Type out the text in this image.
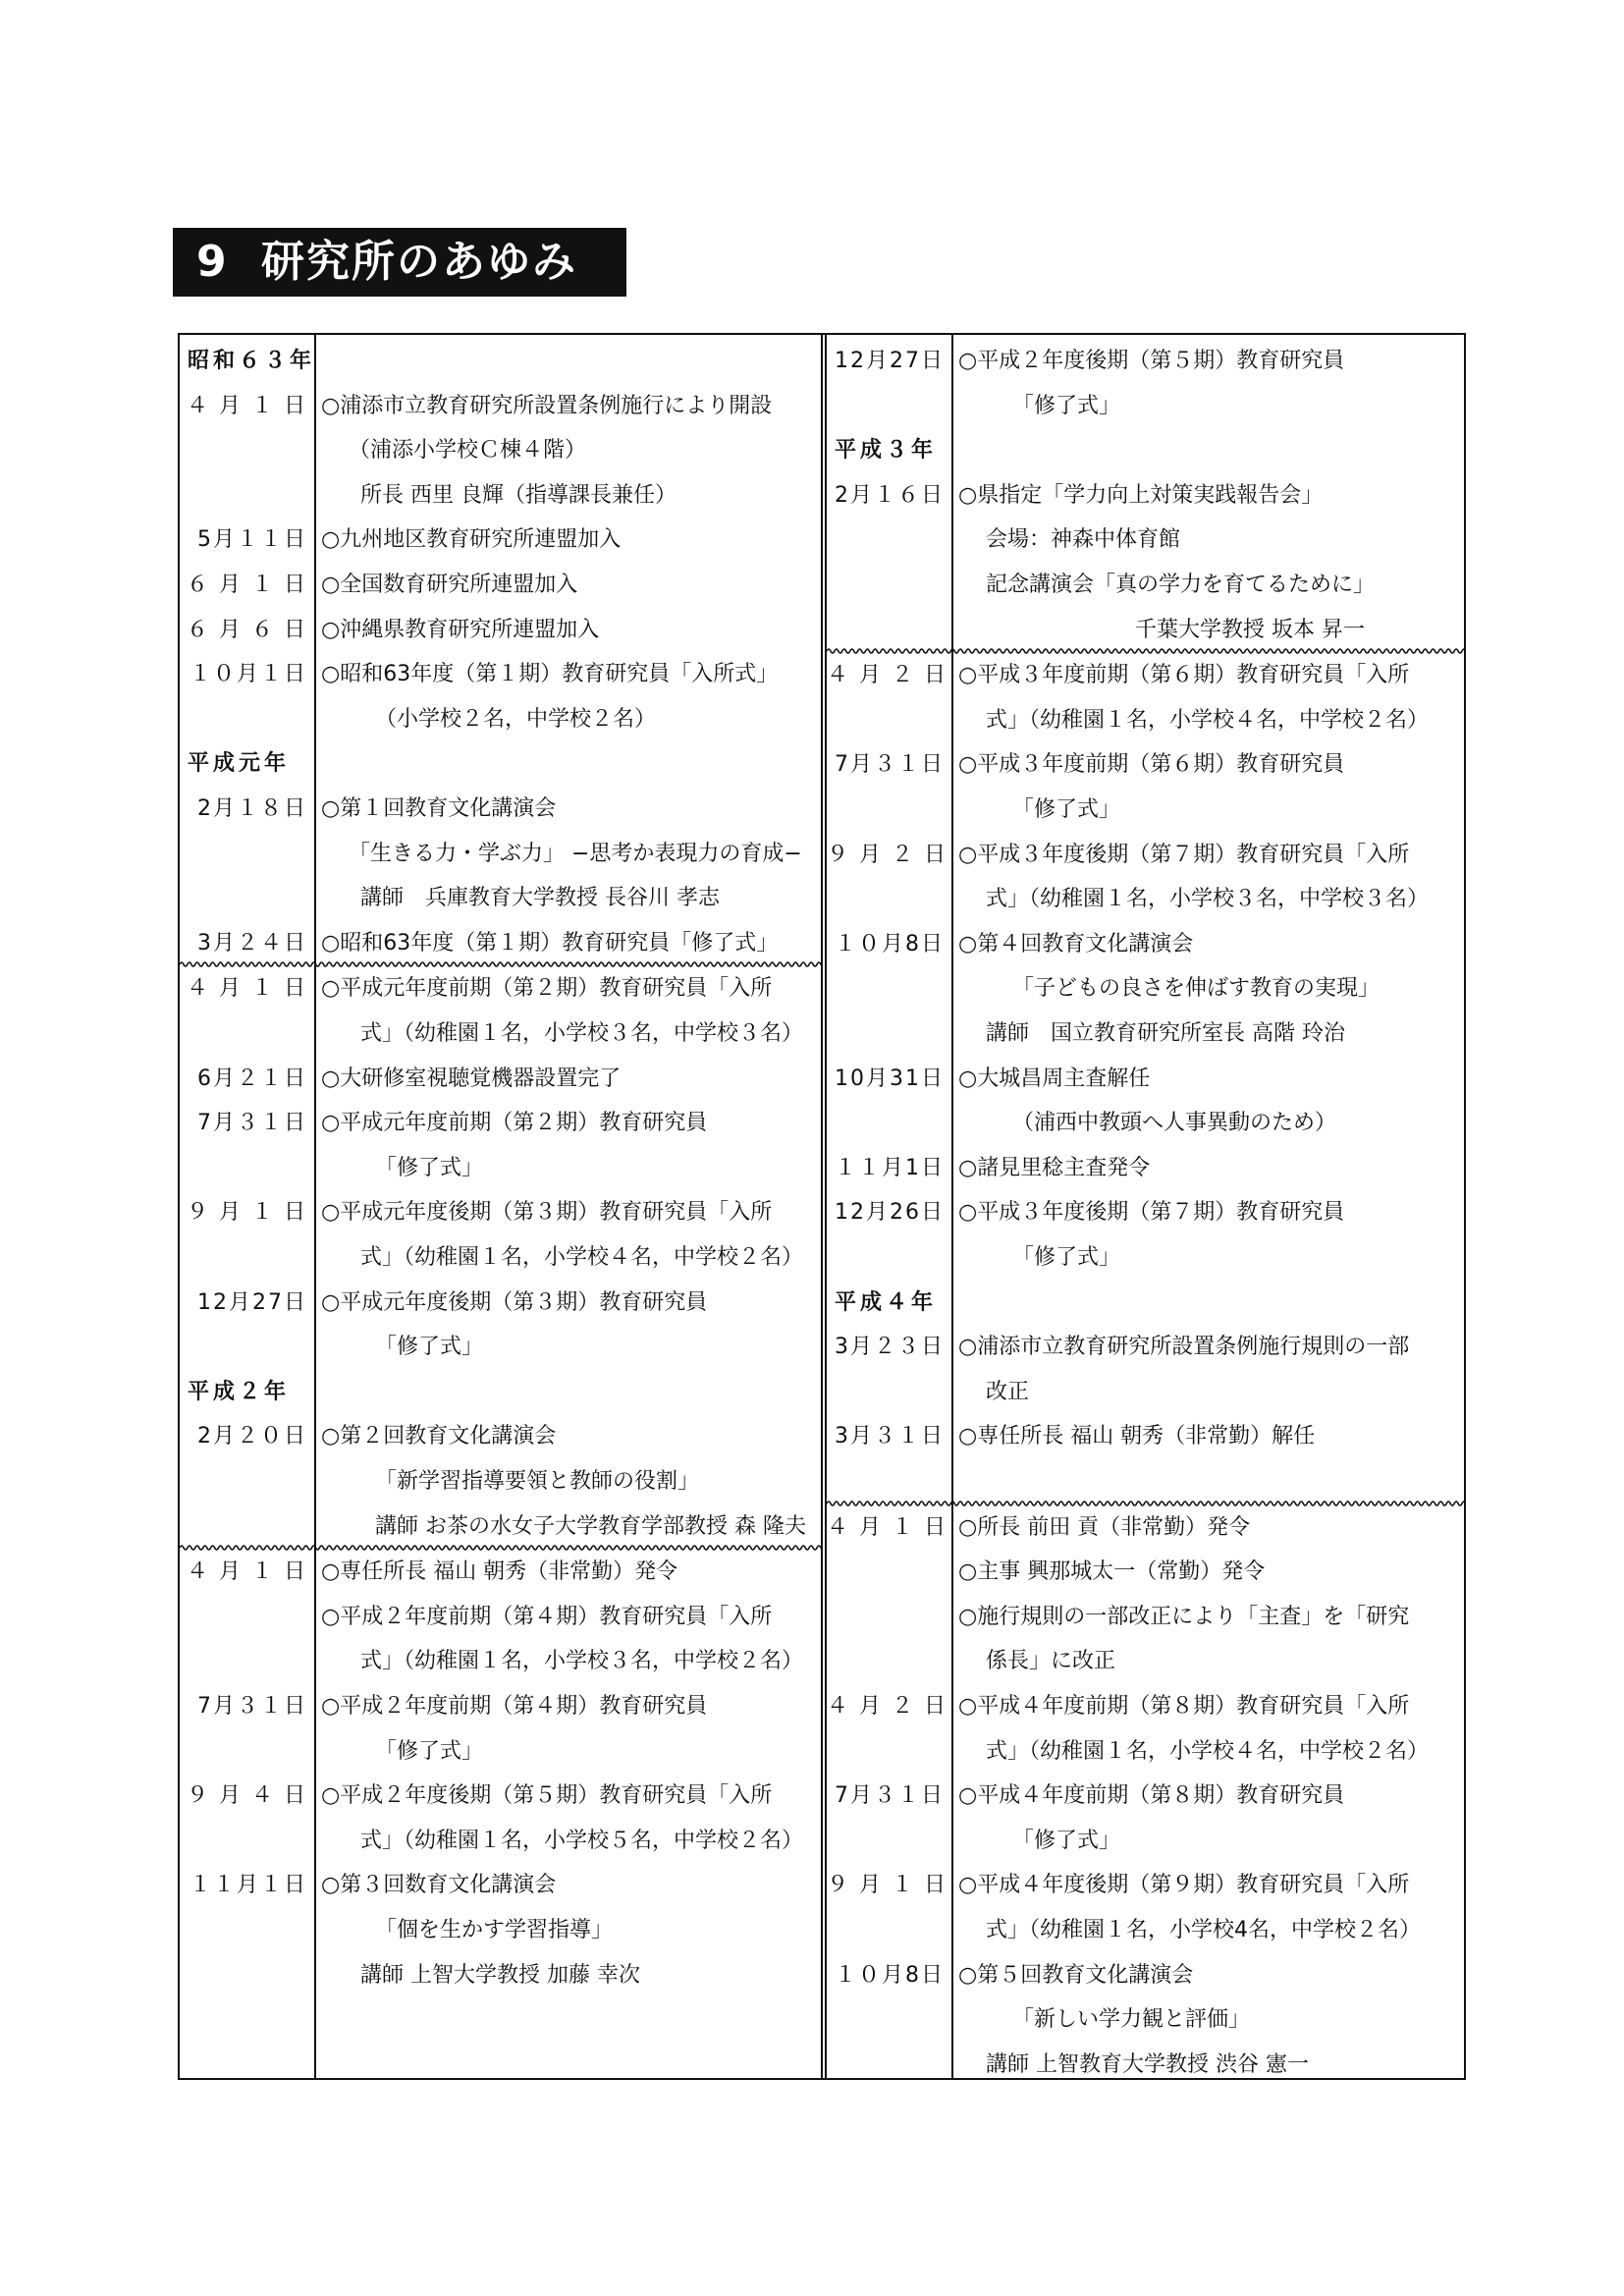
9 研究所のあゆみ
昭和６３年
４ 月 １ 日 ○浦添市立教育研究所設置条例施行により開設
（浦添小学校Ｃ棟４階）
所長 西里 良輝（指導課長兼任）
5月１１日 ○九州地区教育研究所連盟加入
６ 月 １ 日 ○全国数育研究所連盟加入
６ 月 ６ 日 ○沖縄県教育研究所連盟加入
１０月１日 ○昭和63年度（第１期）教育研究員「入所式」
（小学校２名，中学校２名）
平成元年
2月１８日 ○第１回教育文化講演会
「生きる力・学ぶ力」 −思考か表現力の育成−
講師　兵庫教育大学教授 長谷川 孝志
3月２４日 ○昭和63年度（第１期）教育研究員「修了式」
４ 月 １ 日 ○平成元年度前期（第２期）教育研究員「入所
式」（幼稚園１名，小学校３名，中学校３名）
6月２１日 ○大研修室視聴覚機器設置完了
7月３１日 ○平成元年度前期（第２期）教育研究員
「修了式」
９ 月 １ 日 ○平成元年度後期（第３期）教育研究員「入所
式」（幼稚園１名，小学校４名，中学校２名）
12月27日 ○平成元年度後期（第３期）教育研究員
「修了式」
平成２年
2月２０日 ○第２回教育文化講演会
「新学習指導要領と教師の役割」
講師 お茶の水女子大学教育学部教授 森 隆夫
４ 月 １ 日 ○専任所長 福山 朝秀（非常勤）発令
○平成２年度前期（第４期）教育研究員「入所
式」（幼稚園１名，小学校３名，中学校２名）
7月３１日 ○平成２年度前期（第４期）教育研究員
「修了式」
９ 月 ４ 日 ○平成２年度後期（第５期）教育研究員「入所
式」（幼稚園１名，小学校５名，中学校２名）
１１月１日 ○第３回数育文化講演会
「個を生かす学習指導」
講師 上智大学教授 加藤 幸次
12月27日 ○平成２年度後期（第５期）教育研究員
「修了式」
平成３年
2月１６日 ○県指定「学力向上対策実践報告会」
会場：神森中体育館
記念講演会「真の学力を育てるために」
千葉大学教授 坂本 昇一
４ 月 ２ 日 ○平成３年度前期（第６期）教育研究員「入所
式」（幼稚園１名，小学校４名，中学校２名）
7月３１日 ○平成３年度前期（第６期）教育研究員
「修了式」
９ 月 ２ 日 ○平成３年度後期（第７期）教育研究員「入所
式」（幼稚園１名，小学校３名，中学校３名）
１０月8日 ○第４回教育文化講演会
「子どもの良さを伸ばす教育の実現」
講師　国立教育研究所室長 高階 玲治
10月31日 ○大城昌周主査解任
（浦西中教頭へ人事異動のため）
１１月1日 ○諸見里稔主査発令
12月26日 ○平成３年度後期（第７期）教育研究員
「修了式」
平成４年
3月２３日 ○浦添市立教育研究所設置条例施行規則の一部
改正
3月３１日 ○専任所長 福山 朝秀（非常勤）解任
４ 月 １ 日 ○所長 前田 貢（非常勤）発令
○主事 興那城太一（常勤）発令
○施行規則の一部改正により「主査」を「研究
係長」に改正
４ 月 ２ 日 ○平成４年度前期（第８期）教育研究員「入所
式」（幼稚園１名，小学校４名，中学校２名）
7月３１日 ○平成４年度前期（第８期）教育研究員
「修了式」
９ 月 １ 日 ○平成４年度後期（第９期）教育研究員「入所
式」（幼稚園１名，小学校4名，中学校２名）
１０月8日 ○第５回教育文化講演会
「新しい学力観と評価」
講師 上智教育大学教授 渋谷 憲一
